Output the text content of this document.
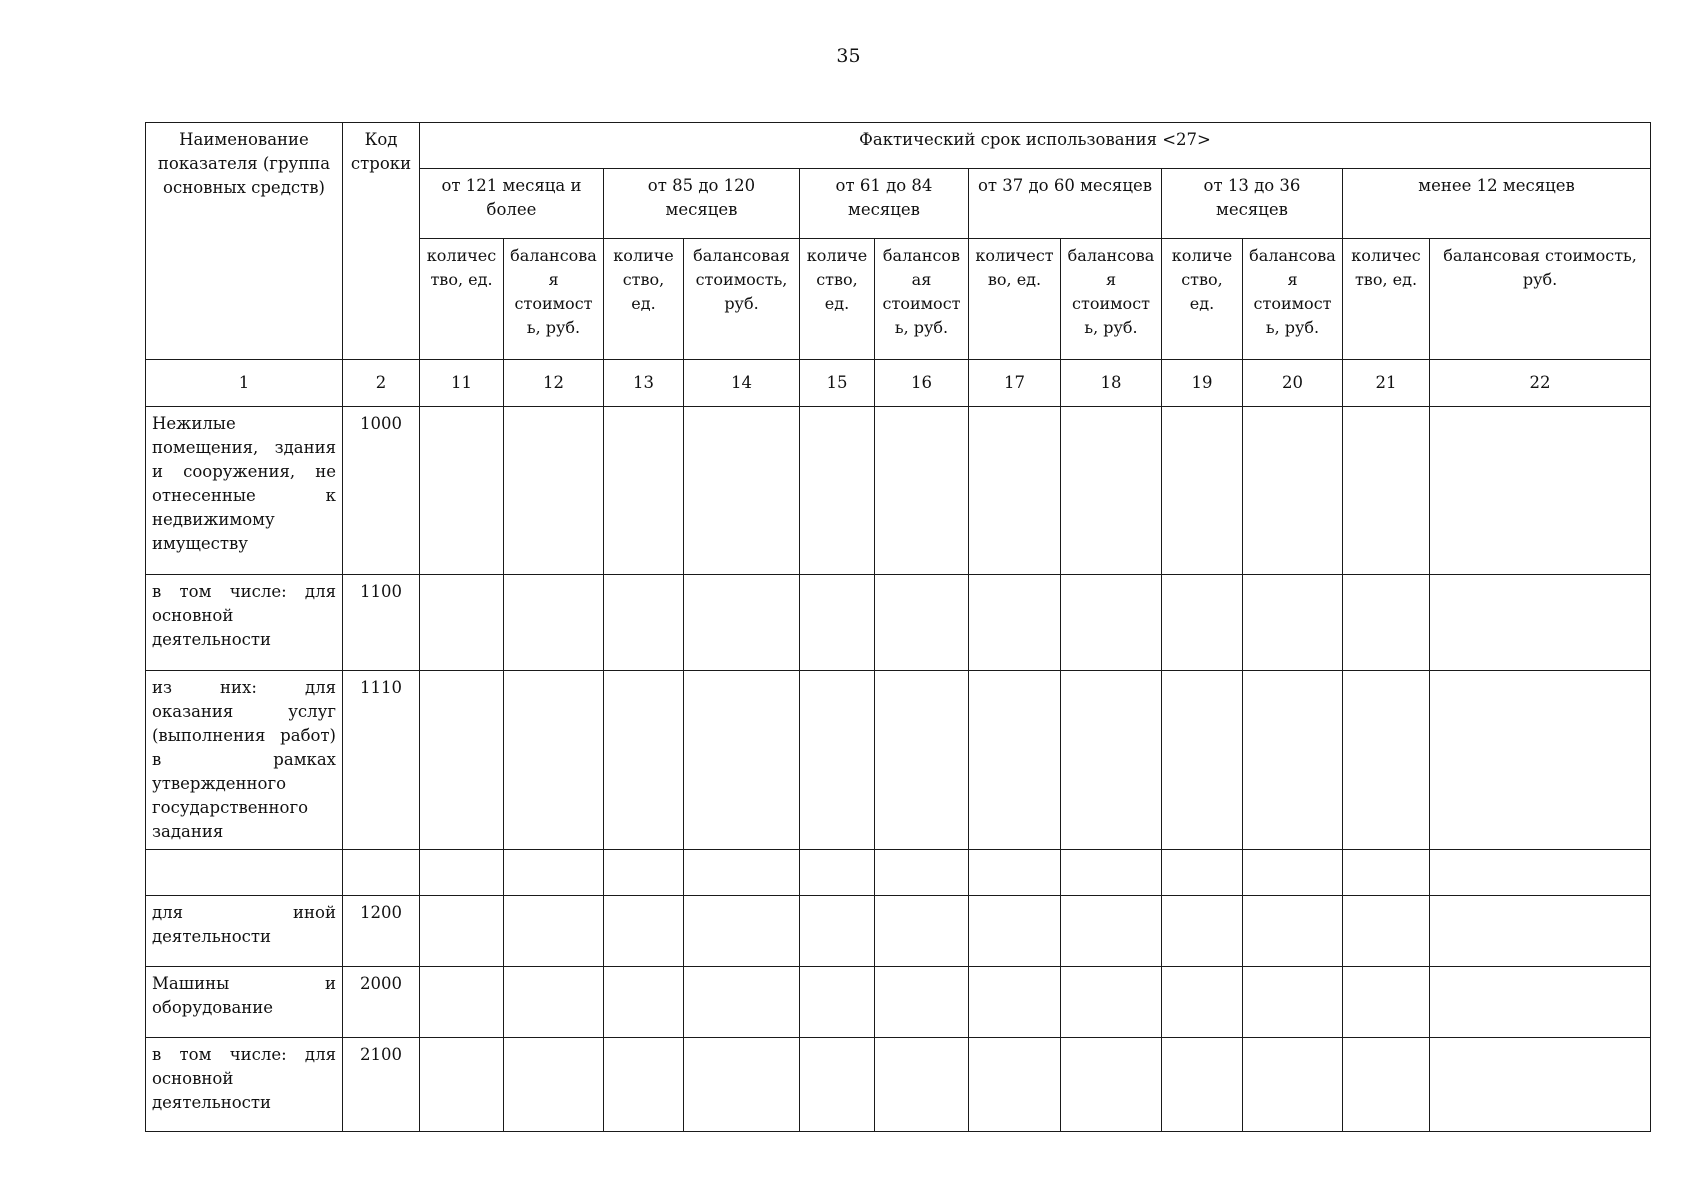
35
Наименование показателя (группа основных средств)	Код строки	Фактический срок использования <27>											
		от 121 месяца и более		от 85 до 120 месяцев		от 61 до 84 месяцев		от 37 до 60 месяцев		от 13 до 36 месяцев		менее 12 месяцев	
		количес тво, ед.	балансова я стоимост ь, руб.	количе ство, ед.	балансовая стоимость, руб.	количе ство, ед.	балансов ая стоимост ь, руб.	количест во, ед.	балансова я стоимост ь, руб.	количе ство, ед.	балансова я стоимост ь, руб.	количес тво, ед.	балансовая стоимость, руб.
1	2	11	12	13	14	15	16	17	18	19	20	21	22
Нежилые помещения, здания и сооружения, не отнесенные к недвижимому имуществу	1000												
в том числе: для основной деятельности	1100												
из них: для оказания услуг (выполнения работ) в рамках утвержденного государственного задания	1110												

для иной деятельности	1200												
Машины и оборудование	2000												
в том числе: для основной деятельности	2100												
